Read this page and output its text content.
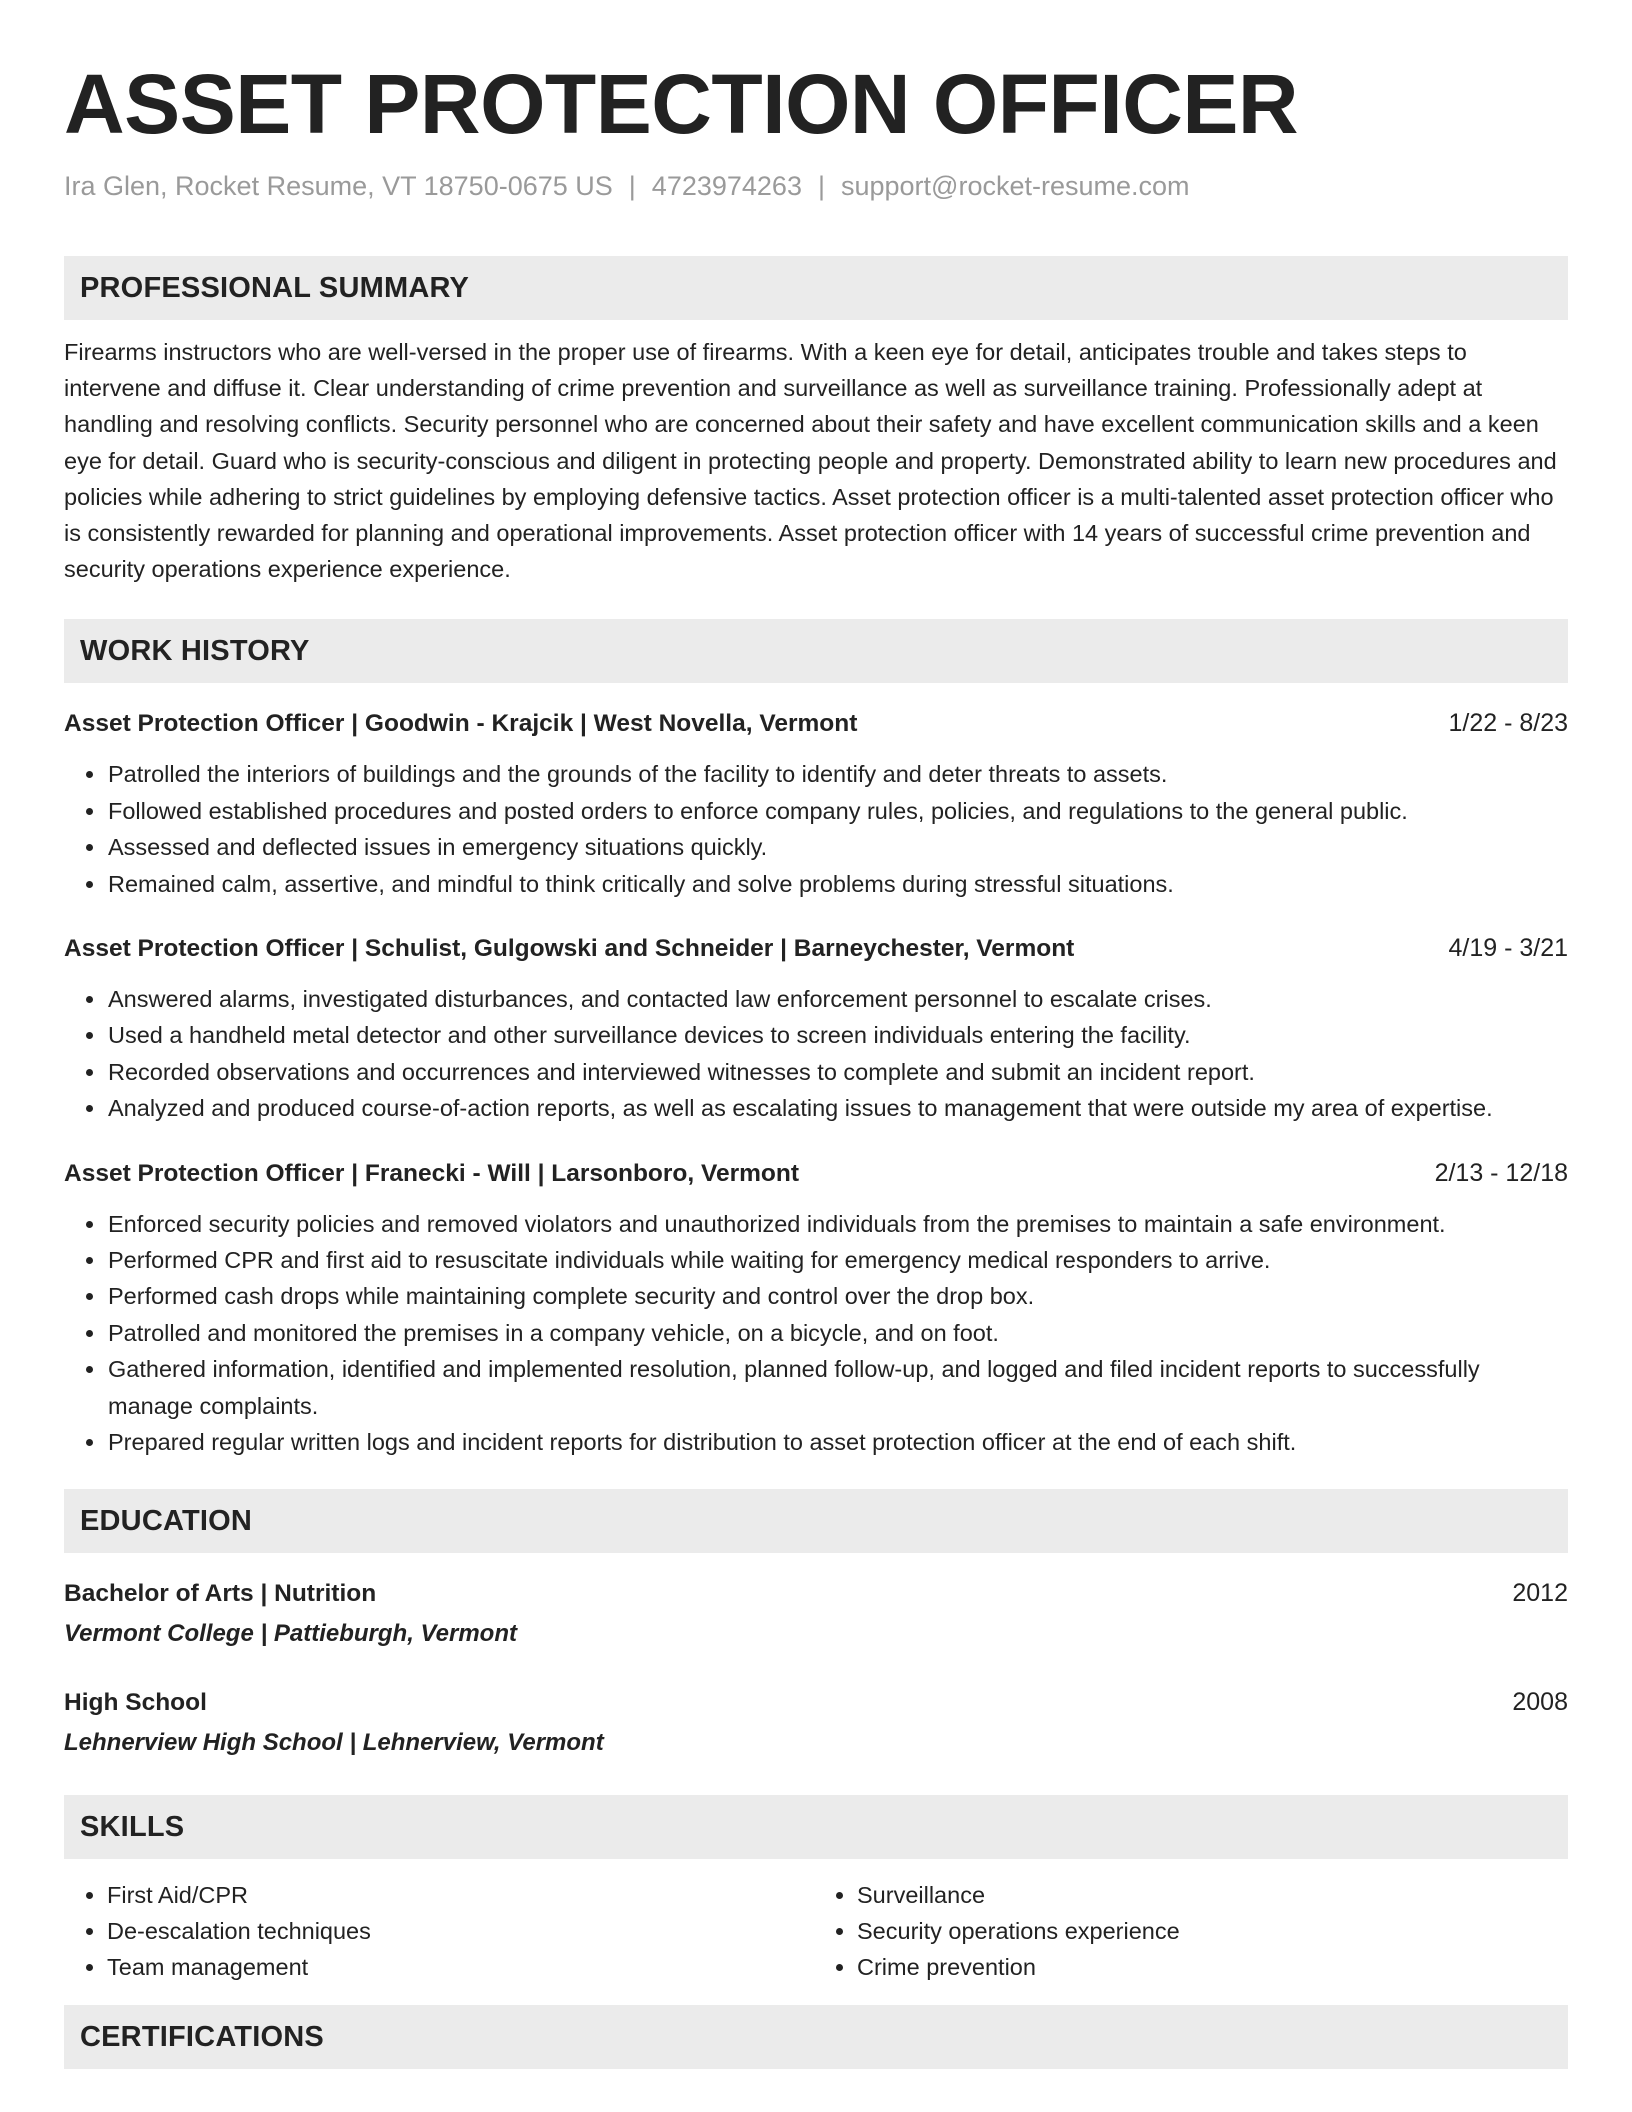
ASSET PROTECTION OFFICER
Ira Glen, Rocket Resume, VT 18750-0675 US | 4723974263 | support@rocket-resume.com
PROFESSIONAL SUMMARY
Firearms instructors who are well-versed in the proper use of firearms. With a keen eye for detail, anticipates trouble and takes steps to intervene and diffuse it. Clear understanding of crime prevention and surveillance as well as surveillance training. Professionally adept at handling and resolving conflicts. Security personnel who are concerned about their safety and have excellent communication skills and a keen eye for detail. Guard who is security-conscious and diligent in protecting people and property. Demonstrated ability to learn new procedures and policies while adhering to strict guidelines by employing defensive tactics. Asset protection officer is a multi-talented asset protection officer who is consistently rewarded for planning and operational improvements. Asset protection officer with 14 years of successful crime prevention and security operations experience experience.
WORK HISTORY
Asset Protection Officer | Goodwin - Krajcik | West Novella, Vermont	1/22 - 8/23
• Patrolled the interiors of buildings and the grounds of the facility to identify and deter threats to assets.
• Followed established procedures and posted orders to enforce company rules, policies, and regulations to the general public.
• Assessed and deflected issues in emergency situations quickly.
• Remained calm, assertive, and mindful to think critically and solve problems during stressful situations.
Asset Protection Officer | Schulist, Gulgowski and Schneider | Barneychester, Vermont	4/19 - 3/21
• Answered alarms, investigated disturbances, and contacted law enforcement personnel to escalate crises.
• Used a handheld metal detector and other surveillance devices to screen individuals entering the facility.
• Recorded observations and occurrences and interviewed witnesses to complete and submit an incident report.
• Analyzed and produced course-of-action reports, as well as escalating issues to management that were outside my area of expertise.
Asset Protection Officer | Franecki - Will | Larsonboro, Vermont	2/13 - 12/18
• Enforced security policies and removed violators and unauthorized individuals from the premises to maintain a safe environment.
• Performed CPR and first aid to resuscitate individuals while waiting for emergency medical responders to arrive.
• Performed cash drops while maintaining complete security and control over the drop box.
• Patrolled and monitored the premises in a company vehicle, on a bicycle, and on foot.
• Gathered information, identified and implemented resolution, planned follow-up, and logged and filed incident reports to successfully manage complaints.
• Prepared regular written logs and incident reports for distribution to asset protection officer at the end of each shift.
EDUCATION
Bachelor of Arts | Nutrition	2012
Vermont College | Pattieburgh, Vermont
High School	2008
Lehnerview High School | Lehnerview, Vermont
SKILLS
• First Aid/CPR
• De-escalation techniques
• Team management
• Surveillance
• Security operations experience
• Crime prevention
CERTIFICATIONS
